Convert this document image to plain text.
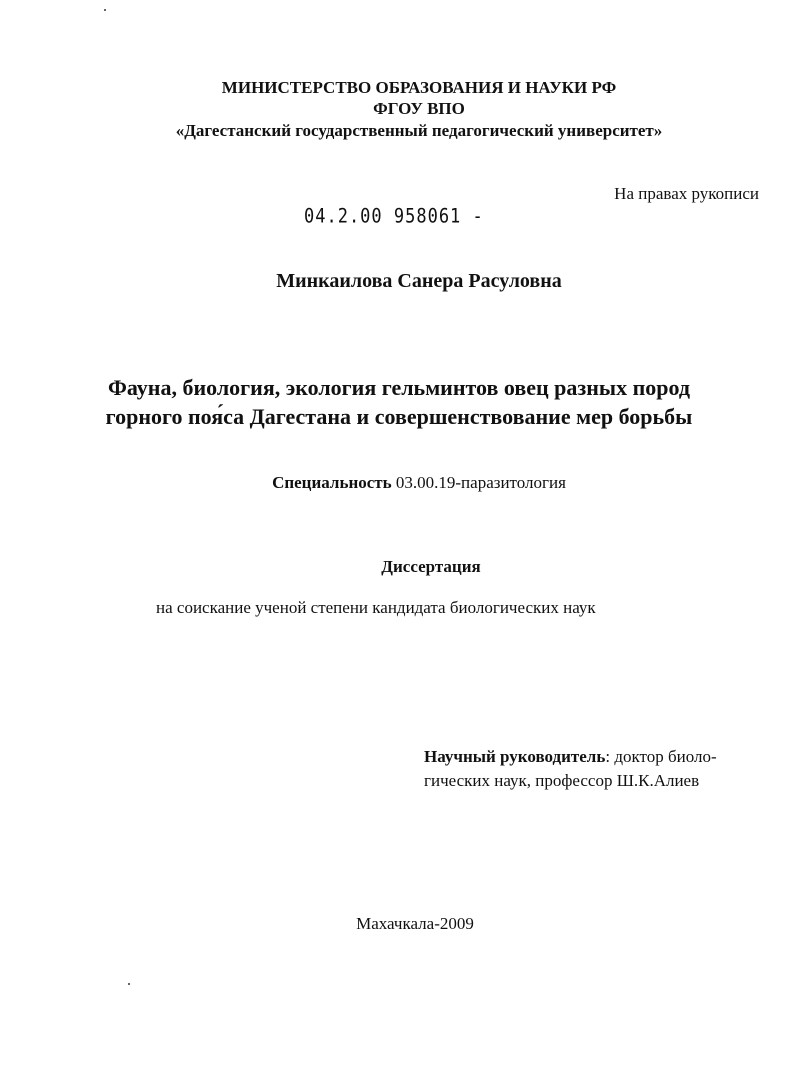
МИНИСТЕРСТВО ОБРАЗОВАНИЯ И НАУКИ РФ
ФГОУ ВПО
«Дагестанский государственный педагогический университет»
На правах рукописи
04.2.00 958061 -
Минкаилова Санера Расуловна
Фауна, биология, экология гельминтов овец разных пород
горного поя́са Дагестана и совершенствование мер борьбы
Специальность 03.00.19-паразитология
Диссертация
на соискание ученой степени кандидата биологических наук
Научный руководитель: доктор биоло-
гических наук, профессор Ш.К.Алиев
Махачкала-2009
